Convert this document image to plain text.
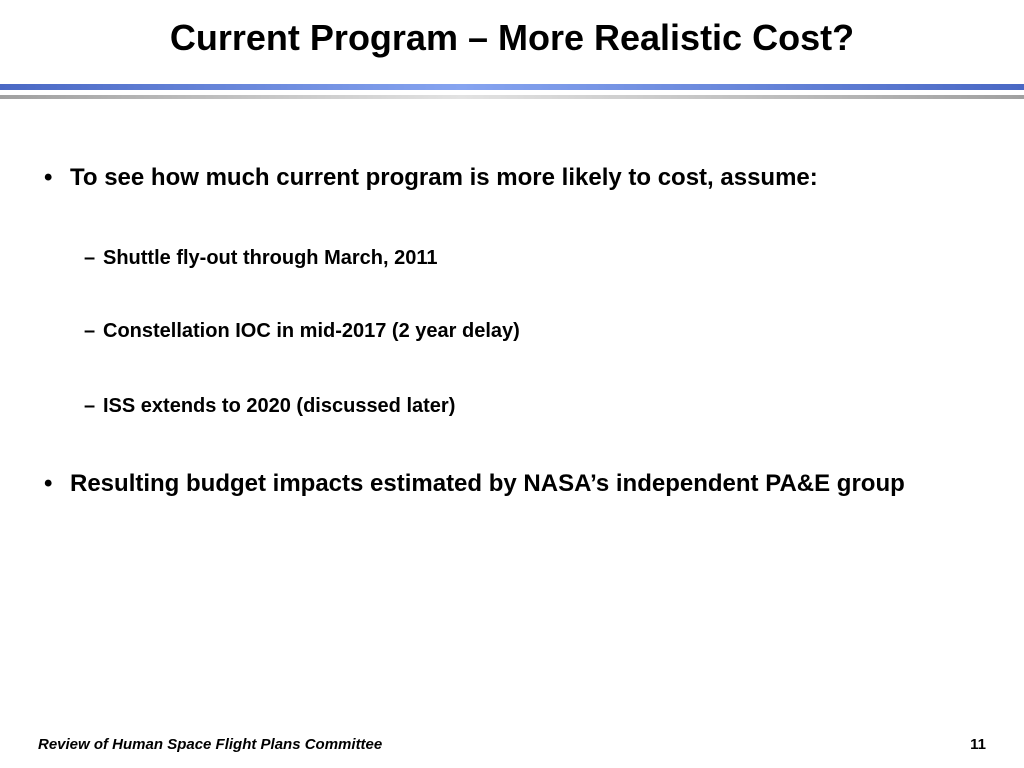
Current Program – More Realistic Cost?
• To see how much current program is more likely to cost, assume:
– Shuttle fly-out through March, 2011
– Constellation IOC in mid-2017 (2 year delay)
– ISS extends to 2020 (discussed later)
• Resulting budget impacts estimated by NASA’s independent PA&E group
Review of Human Space Flight Plans Committee	11
